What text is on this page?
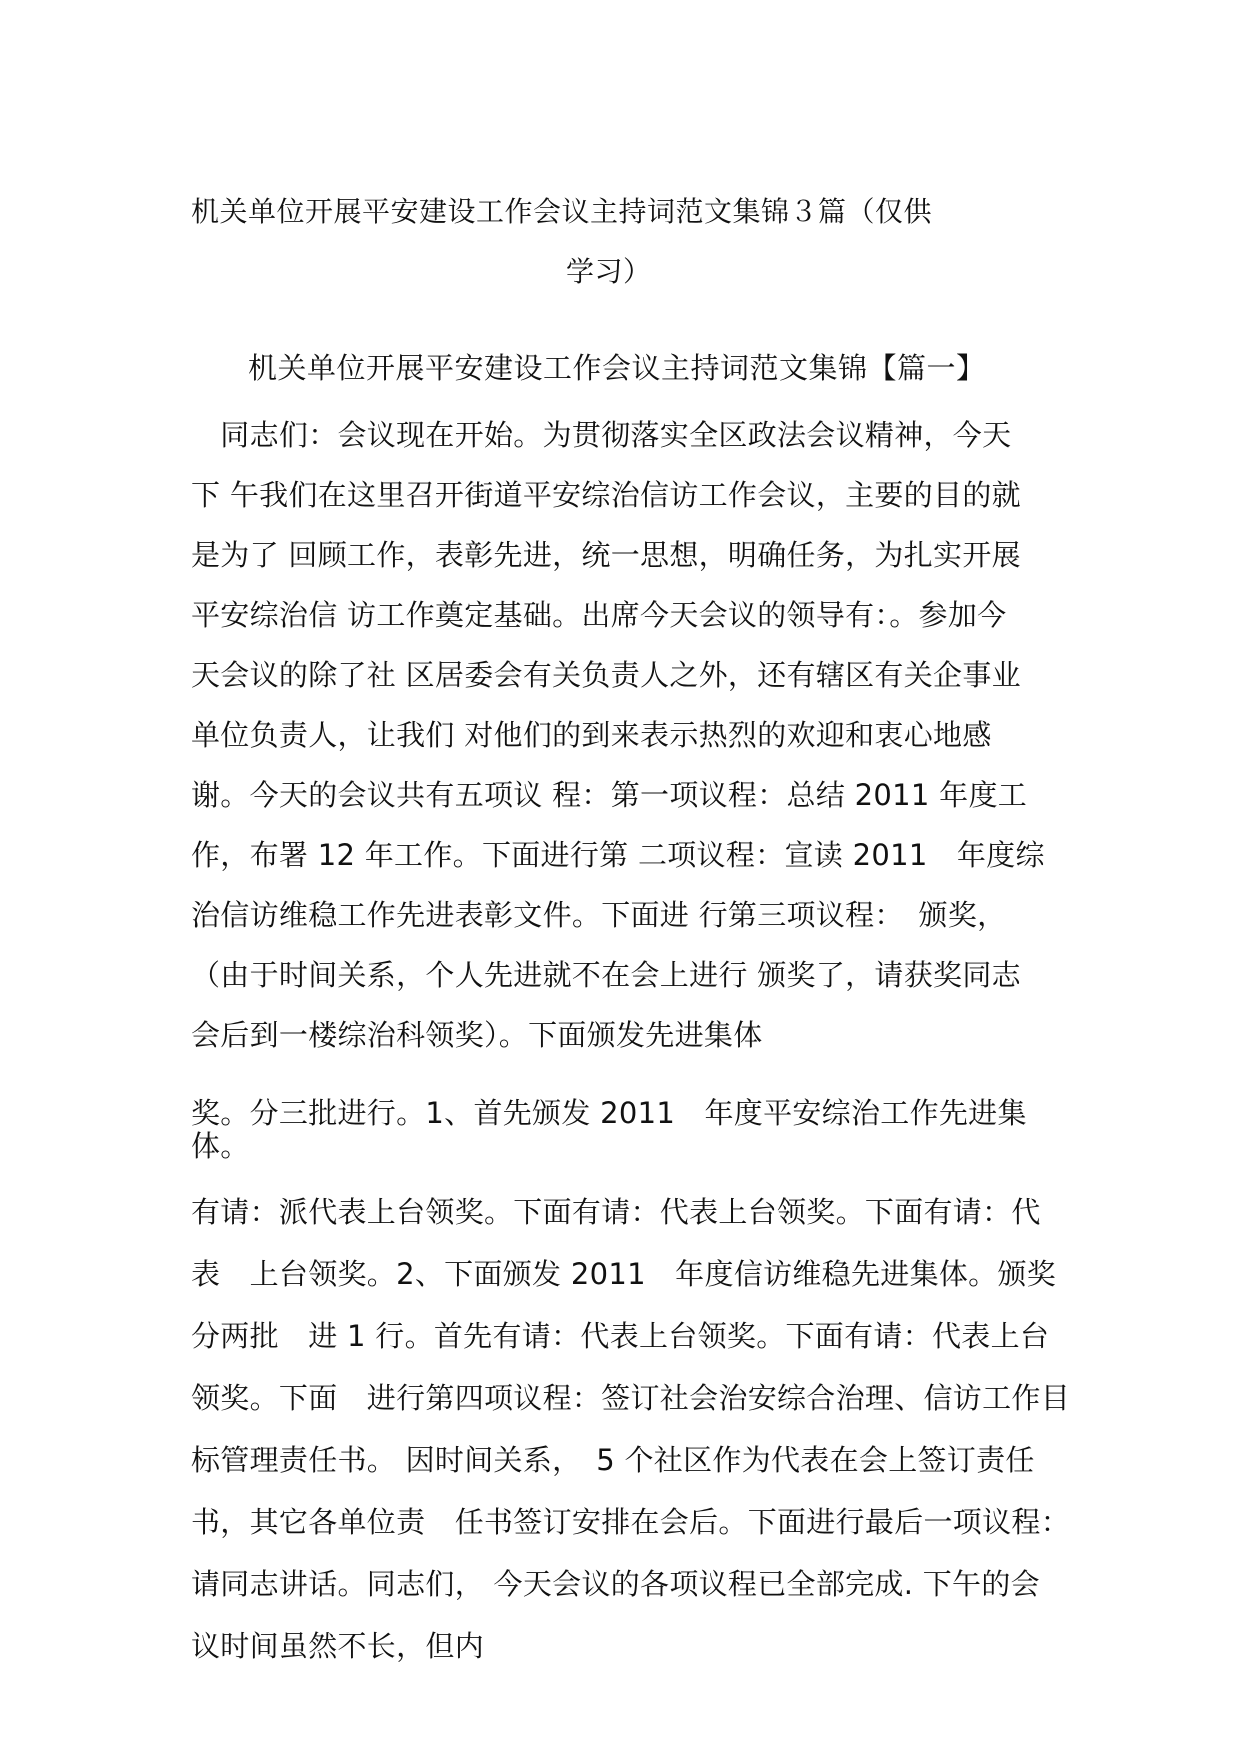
机关单位开展平安建设工作会议主持词范文集锦３篇（仅供
学习）
机关单位开展平安建设工作会议主持词范文集锦【篇一】
　同志们：会议现在开始。为贯彻落实全区政法会议精神，今天
下 午我们在这里召开街道平安综治信访工作会议，主要的目的就
是为了 回顾工作，表彰先进，统一思想，明确任务，为扎实开展
平安综治信 访工作奠定基础。出席今天会议的领导有：。参加今
天会议的除了社 区居委会有关负责人之外，还有辖区有关企事业
单位负责人，让我们 对他们的到来表示热烈的欢迎和衷心地感
谢。今天的会议共有五项议 程：第一项议程：总结 2011 年度工
作，布署 12 年工作。下面进行第 二项议程：宣读 2011　年度综
治信访维稳工作先进表彰文件。下面进 行第三项议程：　颁奖，
（由于时间关系，个人先进就不在会上进行 颁奖了，请获奖同志
会后到一楼综治科领奖）。下面颁发先进集体
奖。分三批进行。1、首先颁发 2011　年度平安综治工作先进集
体。
有请：派代表上台领奖。下面有请：代表上台领奖。下面有请：代
表　上台领奖。2、下面颁发 2011　年度信访维稳先进集体。颁奖
分两批　进 1 行。首先有请：代表上台领奖。下面有请：代表上台
领奖。下面　进行第四项议程：签订社会治安综合治理、信访工作目
标管理责任书。 因时间关系，　5 个社区作为代表在会上签订责任
书，其它各单位责　任书签订安排在会后。下面进行最后一项议程：
请同志讲话。同志们， 今天会议的各项议程已全部完成. 下午的会
议时间虽然不长，但内
